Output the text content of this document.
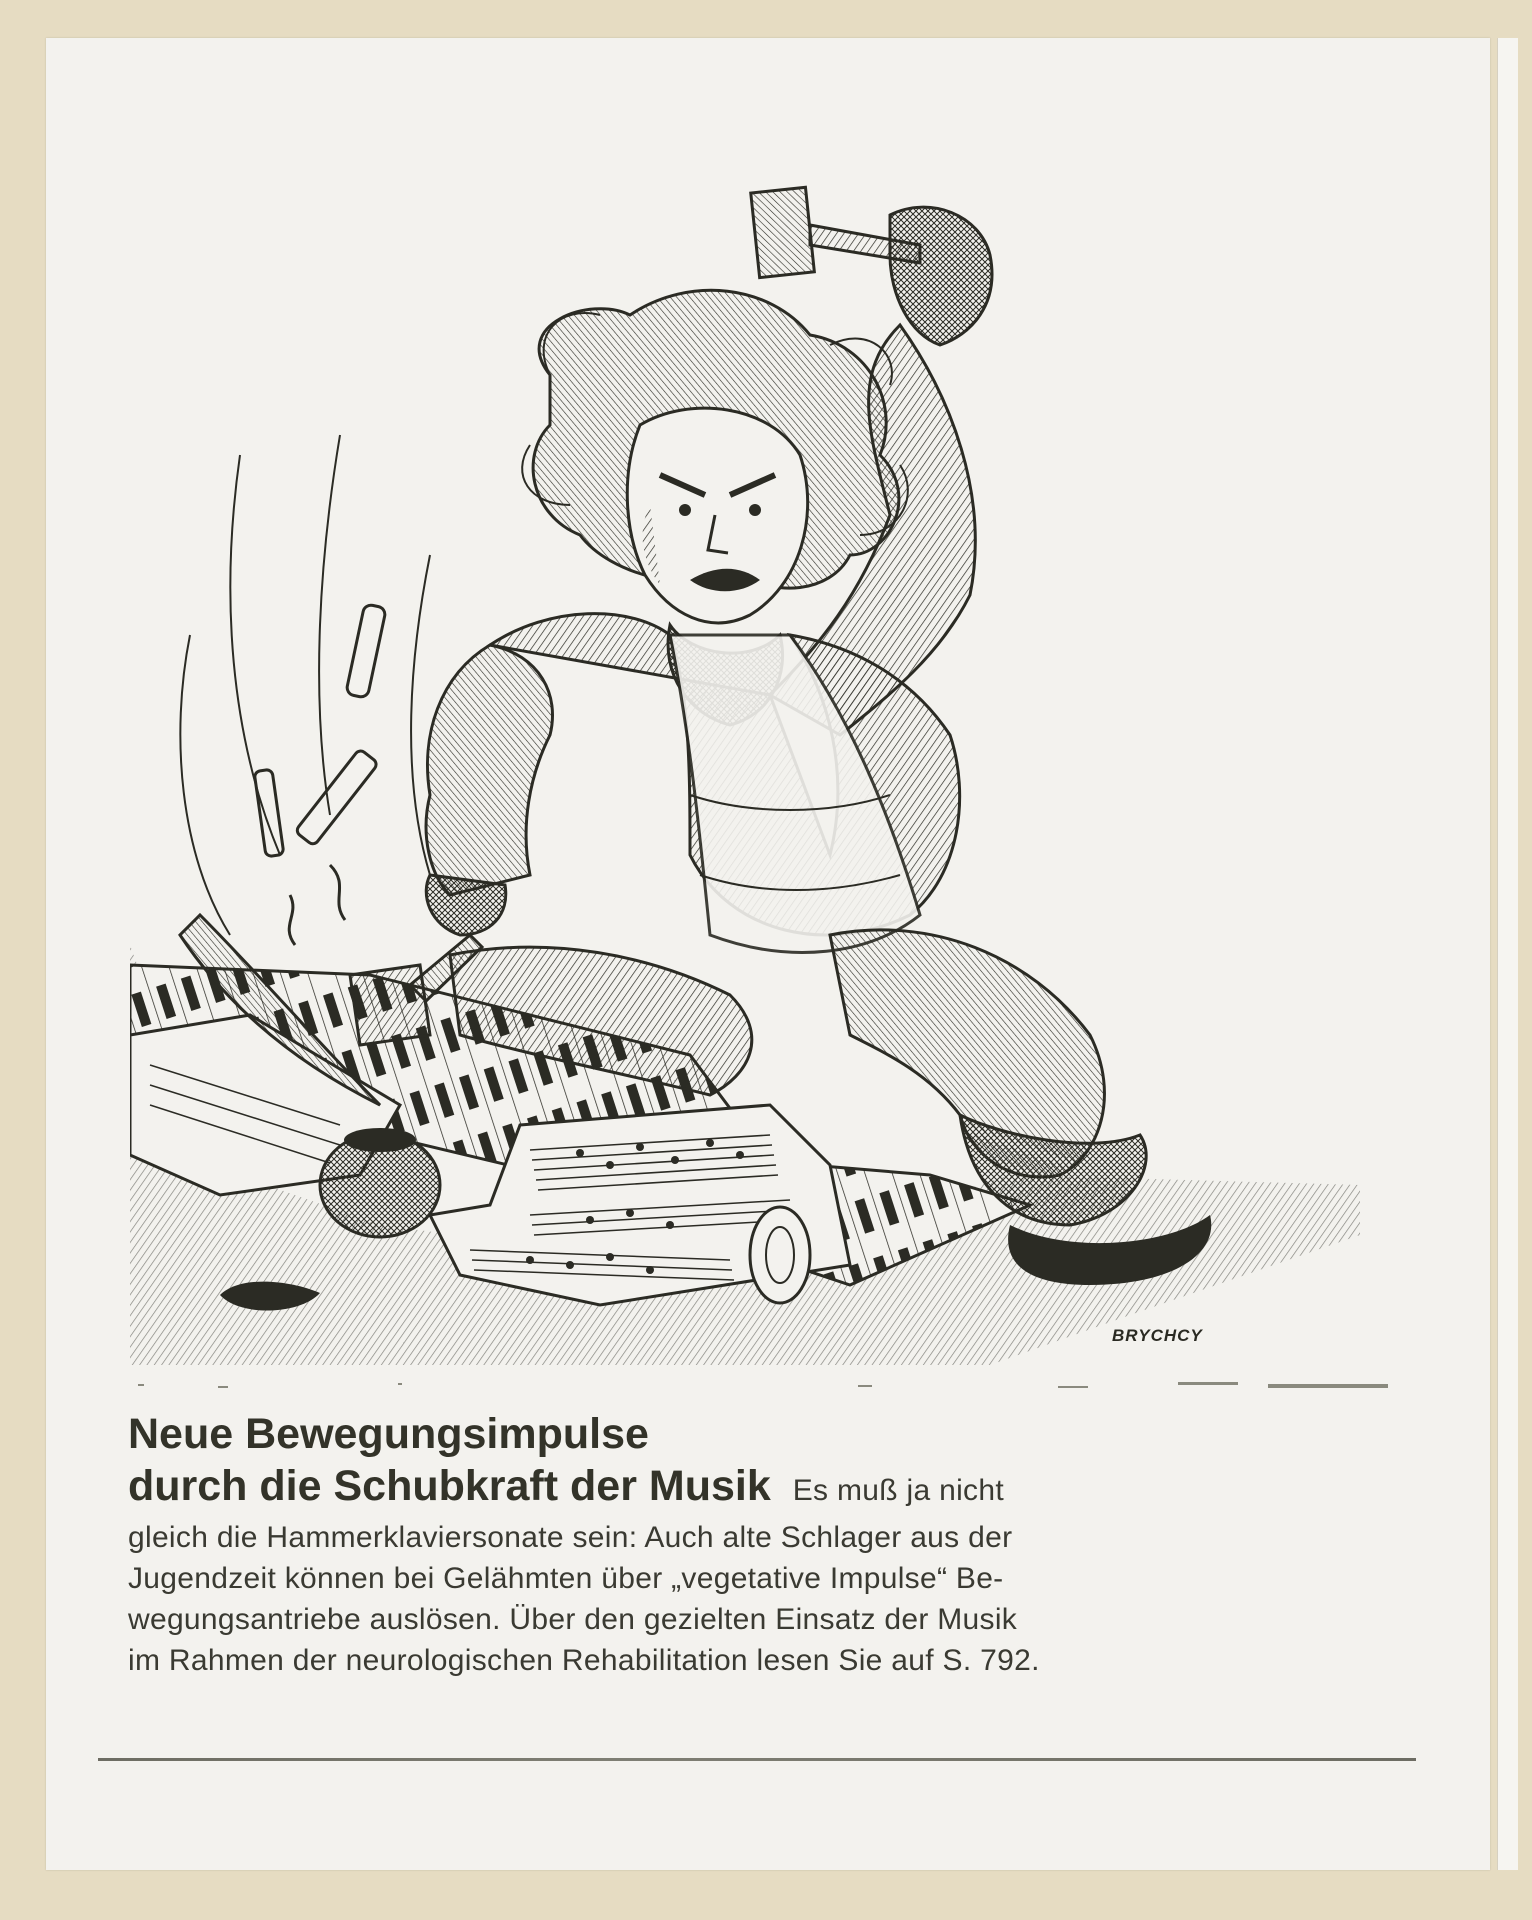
BRYCHCY
Neue Bewegungsimpulse
durch die Schubkraft der Musik Es muß ja nicht
gleich die Hammerklaviersonate sein: Auch alte Schlager aus der
Jugendzeit können bei Gelähmten über „vegetative Impulse“ Be-
wegungsantriebe auslösen. Über den gezielten Einsatz der Musik
im Rahmen der neurologischen Rehabilitation lesen Sie auf S. 792.
